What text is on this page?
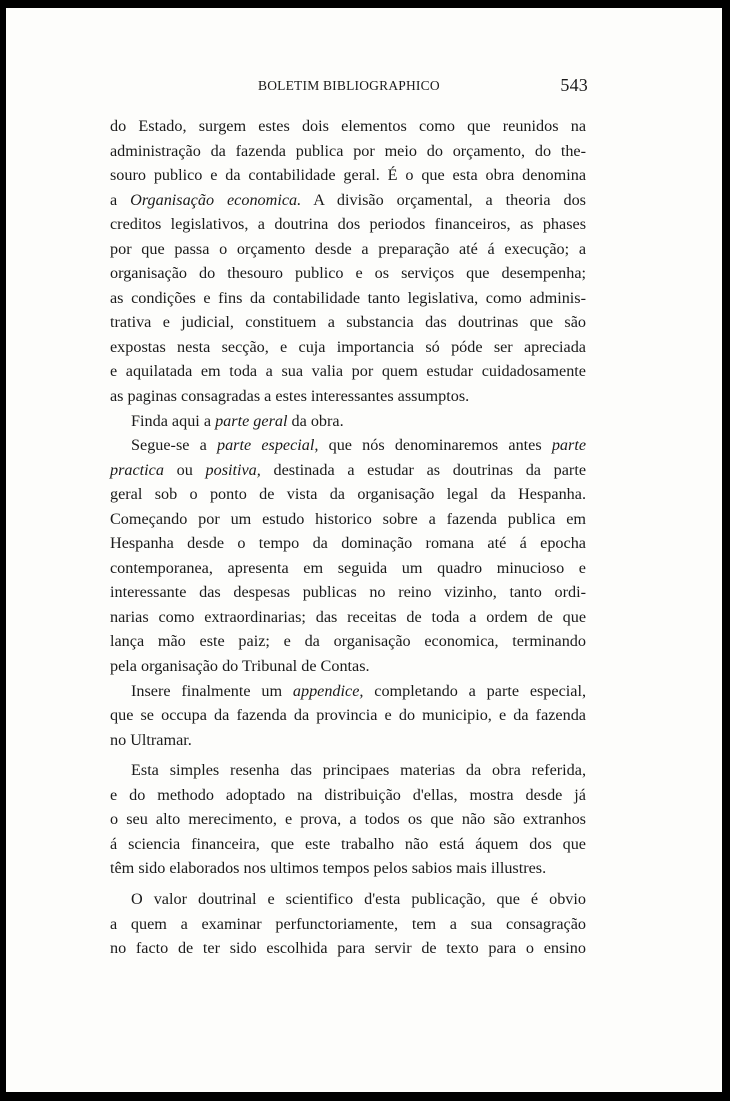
BOLETIM BIBLIOGRAPHICO	543

do Estado, surgem estes dois elementos como que reunidos na
administração da fazenda publica por meio do orçamento, do the-
souro publico e da contabilidade geral. É o que esta obra denomina
a Organisação economica. A divisão orçamental, a theoria dos
creditos legislativos, a doutrina dos periodos financeiros, as phases
por que passa o orçamento desde a preparação até á execução; a
organisação do thesouro publico e os serviços que desempenha;
as condições e fins da contabilidade tanto legislativa, como adminis-
trativa e judicial, constituem a substancia das doutrinas que são
expostas nesta secção, e cuja importancia só póde ser apreciada
e aquilatada em toda a sua valia por quem estudar cuidadosamente
as paginas consagradas a estes interessantes assumptos.

Finda aqui a parte geral da obra.

Segue-se a parte especial, que nós denominaremos antes parte
practica ou positiva, destinada a estudar as doutrinas da parte
geral sob o ponto de vista da organisação legal da Hespanha.
Começando por um estudo historico sobre a fazenda publica em
Hespanha desde o tempo da dominação romana até á epocha
contemporanea, apresenta em seguida um quadro minucioso e
interessante das despesas publicas no reino vizinho, tanto ordi-
narias como extraordinarias; das receitas de toda a ordem de que
lança mão este paiz; e da organisação economica, terminando
pela organisação do Tribunal de Contas.

Insere finalmente um appendice, completando a parte especial,
que se occupa da fazenda da provincia e do municipio, e da fazenda
no Ultramar.

Esta simples resenha das principaes materias da obra referida,
e do methodo adoptado na distribuição d'ellas, mostra desde já
o seu alto merecimento, e prova, a todos os que não são extranhos
á sciencia financeira, que este trabalho não está áquem dos que
têm sido elaborados nos ultimos tempos pelos sabios mais illustres.

O valor doutrinal e scientifico d'esta publicação, que é obvio
a quem a examinar perfunctoriamente, tem a sua consagração
no facto de ter sido escolhida para servir de texto para o ensino
